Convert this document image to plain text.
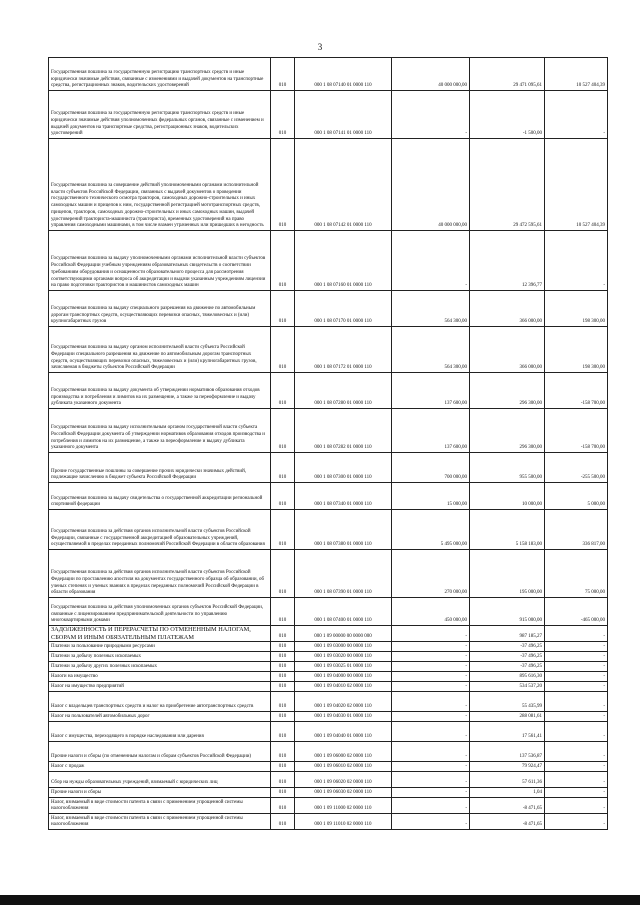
3
Государственная пошлина за государственную регистрацию транспортных средств и иные юридически значимые действия, связанные с изменениями и выдачей документов на транспортные средства, регистрационных знаков, водительских удостоверений	010	000 1 08 07140 01 0000 110	40 000 000,00	29 471 095,61	10 527 404,39
Государственная пошлина за государственную регистрацию транспортных средств и иные юридически значимые действия уполномоченных федеральных органов, связанные с изменением и выдачей документов на транспортные средства, регистрационных знаков, водительских удостоверений	010	000 1 08 07141 01 0000 110	-	-1 500,00	-
Государственная пошлина за совершение действий уполномоченными органами исполнительной власти субъектов Российской Федерации, связанных с выдачей документов о проведении государственного технического осмотра тракторов, самоходных дорожно-строительных и иных самоходных машин и прицепов к ним, государственной регистрацией мототранспортных средств, прицепов, тракторов, самоходных дорожно-строительных и иных самоходных машин, выдачей удостоверений тракториста-машиниста (тракториста), временных удостоверений на право управления самоходными машинами, в том числе взамен утраченных или пришедших в негодность	010	000 1 08 07142 01 0000 110	40 000 000,00	29 472 595,61	10 527 404,39
Государственная пошлина за выдачу уполномоченными органами исполнительной власти субъектов Российской Федерации учебным учреждениям образовательных свидетельств о соответствии требованиям оборудования и оснащенности образовательного процесса для рассмотрения соответствующими органами вопроса об аккредитации и выдачи указанным учреждениям лицензии на право подготовки трактористов и машинистов самоходных машин	010	000 1 08 07160 01 0000 110	-	12 396,77	-
Государственная пошлина за выдачу специального разрешения на движение по автомобильным дорогам транспортных средств, осуществляющих перевозки опасных, тяжеловесных и (или) крупногабаритных грузов	010	000 1 08 07170 01 0000 110	564 300,00	366 000,00	198 300,00
Государственная пошлина за выдачу органом исполнительной власти субъекта Российской Федерации специального разрешения на движение по автомобильным дорогам транспортных средств, осуществляющих перевозки опасных, тяжеловесных и (или) крупногабаритных грузов, зачисляемая в бюджеты субъектов Российской Федерации	010	000 1 08 07172 01 0000 110	564 300,00	366 000,00	198 300,00
Государственная пошлина за выдачу документа об утверждении нормативов образования отходов производства и потребления и лимитов на их размещение, а также за переоформление и выдачу дубликата указанного документа	010	000 1 08 07280 01 0000 110	137 600,00	296 300,00	-158 700,00
Государственная пошлина за выдачу исполнительным органом государственной власти субъекта Российской Федерации документа об утверждении нормативов образования отходов производства и потребления и лимитов на их размещение, а также за переоформление и выдачу дубликата указанного документа	010	000 1 08 07282 01 0000 110	137 600,00	296 300,00	-158 700,00
Прочие государственные пошлины за совершение прочих юридически значимых действий, подлежащие зачислению в бюджет субъекта Российской Федерации	010	000 1 08 07300 01 0000 110	700 000,00	955 500,00	-255 500,00
Государственная пошлина за выдачу свидетельства о государственной аккредитации региональной спортивной федерации	010	000 1 08 07340 01 0000 110	15 000,00	10 000,00	5 000,00
Государственная пошлина за действия органов исполнительной власти субъектов Российской Федерации, связанные с государственной аккредитацией образовательных учреждений, осуществляемой в пределах переданных полномочий Российской Федерации в области образования	010	000 1 08 07380 01 0000 110	5 495 000,00	5 158 183,00	336 817,00
Государственная пошлина за действия органов исполнительной власти субъектов Российской Федерации по проставлению апостиля на документах государственного образца об образовании, об ученых степенях и ученых званиях в пределах переданных полномочий Российской Федерации в области образования	010	000 1 08 07390 01 0000 110	270 000,00	195 000,00	75 000,00
Государственная пошлина за действия уполномоченных органов субъектов Российской Федерации, связанные с лицензированием предпринимательской деятельности по управлению многоквартирными домами	010	000 1 08 07400 01 0000 110	450 000,00	915 000,00	-465 000,00
ЗАДОЛЖЕННОСТЬ И ПЕРЕРАСЧЕТЫ ПО ОТМЕНЕННЫМ НАЛОГАМ, СБОРАМ И ИНЫМ ОБЯЗАТЕЛЬНЫМ ПЛАТЕЖАМ	010	000 1 09 00000 00 0000 000	-	987 185,27	-
Платежи за пользование природными ресурсами	010	000 1 09 03000 00 0000 110	-	-37 496,25	-
Платежи за добычу полезных ископаемых	010	000 1 09 03020 00 0000 110	-	-37 496,25	-
Платежи за добычу других полезных ископаемых	010	000 1 09 03025 01 0000 110	-	-37 496,25	-
Налоги на имущество	010	000 1 09 04000 00 0000 110	-	895 616,30	-
Налог на имущество предприятий	010	000 1 09 04010 02 0000 110	-	534 537,20	-
Налог с владельцев транспортных средств и налог на приобретение автотранспортных средств	010	000 1 09 04020 02 0000 110	-	55 435,99	-
Налог на пользователей автомобильных дорог	010	000 1 09 04030 01 0000 110	-	288 081,61	-
Налог с имущества, переходящего в порядке наследования или дарения	010	000 1 09 04040 01 0000 110	-	17 561,41	-
Прочие налоги и сборы (по отмененным налогам и сборам субъектов Российской Федерации)	010	000 1 09 06000 02 0000 110	-	137 536,87	-
Налог с продаж	010	000 1 09 06010 02 0000 110	-	79 924,47	-
Сбор на нужды образовательных учреждений, взимаемый с юридических лиц	010	000 1 09 06020 02 0000 110	-	57 611,36	-
Прочие налоги и сборы	010	000 1 09 06030 02 0000 110	-	1,04	-
Налог, взимаемый в виде стоимости патента в связи с применением упрощенной системы налогообложения	010	000 1 09 11000 02 0000 110	-	-8 471,65	-
Налог, взимаемый в виде стоимости патента в связи с применением упрощенной системы налогообложения	010	000 1 09 11010 02 0000 110	-	-8 471,65	-
